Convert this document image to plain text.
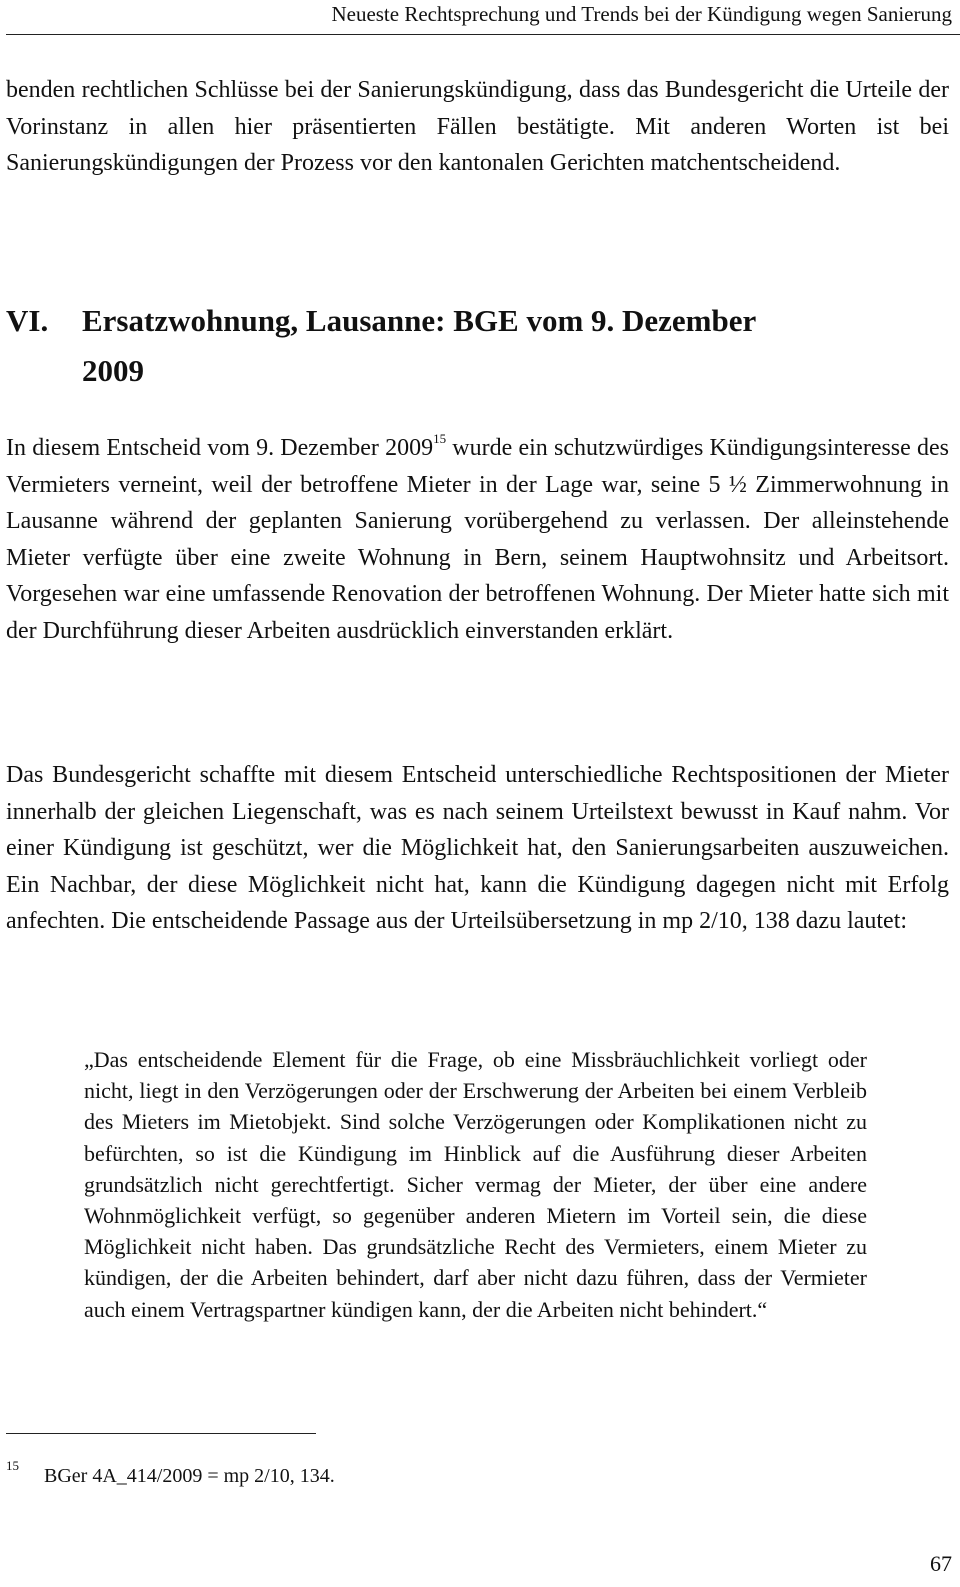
Neueste Rechtsprechung und Trends bei der Kündigung wegen Sanierung

benden rechtlichen Schlüsse bei der Sanierungskündigung, dass das Bundesgericht die Urteile der Vorinstanz in allen hier präsentierten Fällen bestätigte. Mit anderen Worten ist bei Sanierungskündigungen der Prozess vor den kantonalen Gerichten matchentscheidend.

VI. Ersatzwohnung, Lausanne: BGE vom 9. Dezember
2009

In diesem Entscheid vom 9. Dezember 2009$^{15}$ wurde ein schutzwürdiges Kündigungsinteresse des Vermieters verneint, weil der betroffene Mieter in der Lage war, seine 5 ½ Zimmerwohnung in Lausanne während der geplanten Sanierung vorübergehend zu verlassen. Der alleinstehende Mieter verfügte über eine zweite Wohnung in Bern, seinem Hauptwohnsitz und Arbeitsort. Vorgesehen war eine umfassende Renovation der betroffenen Wohnung. Der Mieter hatte sich mit der Durchführung dieser Arbeiten ausdrücklich einverstanden erklärt.

Das Bundesgericht schaffte mit diesem Entscheid unterschiedliche Rechtspositionen der Mieter innerhalb der gleichen Liegenschaft, was es nach seinem Urteilstext bewusst in Kauf nahm. Vor einer Kündigung ist geschützt, wer die Möglichkeit hat, den Sanierungsarbeiten auszuweichen. Ein Nachbar, der diese Möglichkeit nicht hat, kann die Kündigung dagegen nicht mit Erfolg anfechten. Die entscheidende Passage aus der Urteilsübersetzung in mp 2/10, 138 dazu lautet:

„Das entscheidende Element für die Frage, ob eine Missbräuchlichkeit vorliegt oder nicht, liegt in den Verzögerungen oder der Erschwerung der Arbeiten bei einem Verbleib des Mieters im Mietobjekt. Sind solche Verzögerungen oder Komplikationen nicht zu befürchten, so ist die Kündigung im Hinblick auf die Ausführung dieser Arbeiten grundsätzlich nicht gerechtfertigt. Sicher vermag der Mieter, der über eine andere Wohnmöglichkeit verfügt, so gegenüber anderen Mietern im Vorteil sein, die diese Möglichkeit nicht haben. Das grundsätzliche Recht des Vermieters, einem Mieter zu kündigen, der die Arbeiten behindert, darf aber nicht dazu führen, dass der Vermieter auch einem Vertragspartner kündigen kann, der die Arbeiten nicht behindert.“

15 BGer 4A_414/2009 = mp 2/10, 134.
67
